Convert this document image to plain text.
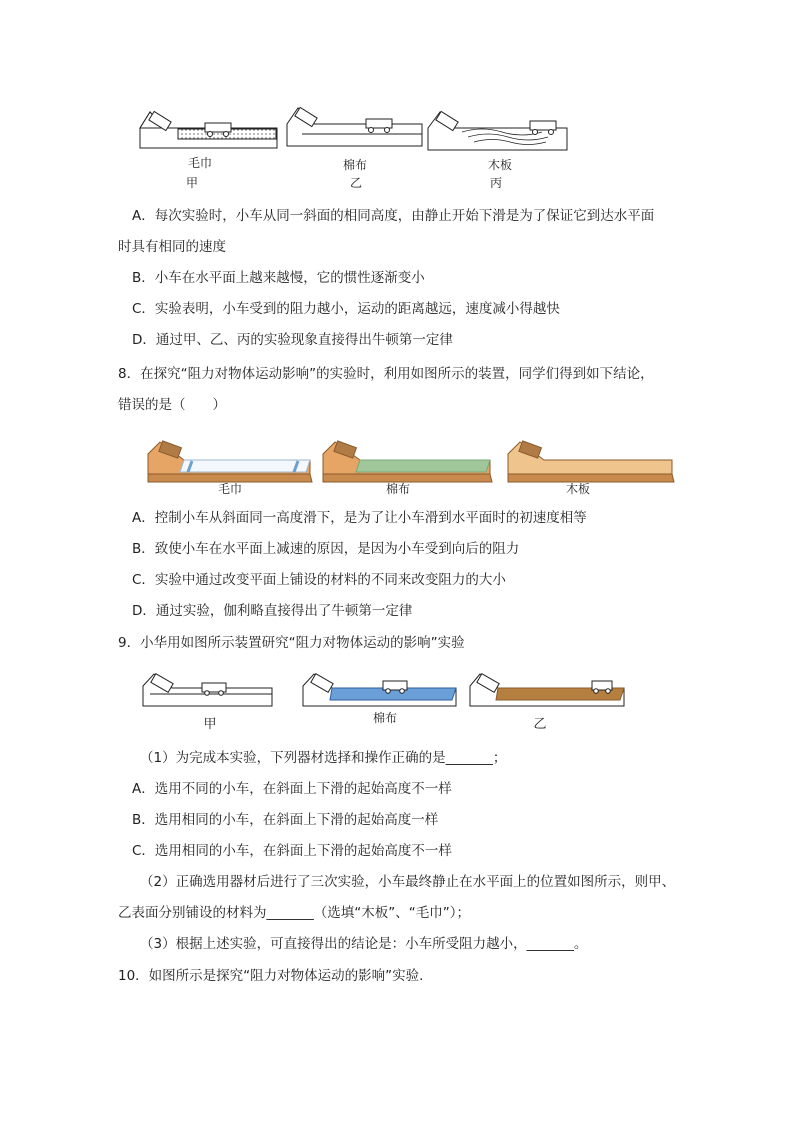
毛巾
甲
棉布
乙
木板
丙
A．每次实验时，小车从同一斜面的相同高度，由静止开始下滑是为了保证它到达水平面
时具有相同的速度
B．小车在水平面上越来越慢，它的惯性逐渐变小
C．实验表明，小车受到的阻力越小，运动的距离越远，速度减小得越快
D．通过甲、乙、丙的实验现象直接得出牛顿第一定律
8．在探究“阻力对物体运动影响”的实验时，利用如图所示的装置，同学们得到如下结论，
错误的是（　　）
毛巾	棉布	木板
A．控制小车从斜面同一高度滑下，是为了让小车滑到水平面时的初速度相等
B．致使小车在水平面上减速的原因，是因为小车受到向后的阻力
C．实验中通过改变平面上铺设的材料的不同来改变阻力的大小
D．通过实验，伽利略直接得出了牛顿第一定律
9．小华用如图所示装置研究“阻力对物体运动的影响”实验
甲	棉布	乙
（1）为完成本实验，下列器材选择和操作正确的是_______；
A．选用不同的小车，在斜面上下滑的起始高度不一样
B．选用相同的小车，在斜面上下滑的起始高度一样
C．选用相同的小车，在斜面上下滑的起始高度不一样
（2）正确选用器材后进行了三次实验，小车最终静止在水平面上的位置如图所示，则甲、
乙表面分别铺设的材料为_______（选填“木板”、“毛巾”）；
（3）根据上述实验，可直接得出的结论是：小车所受阻力越小，_______。
10．如图所示是探究“阻力对物体运动的影响”实验.
